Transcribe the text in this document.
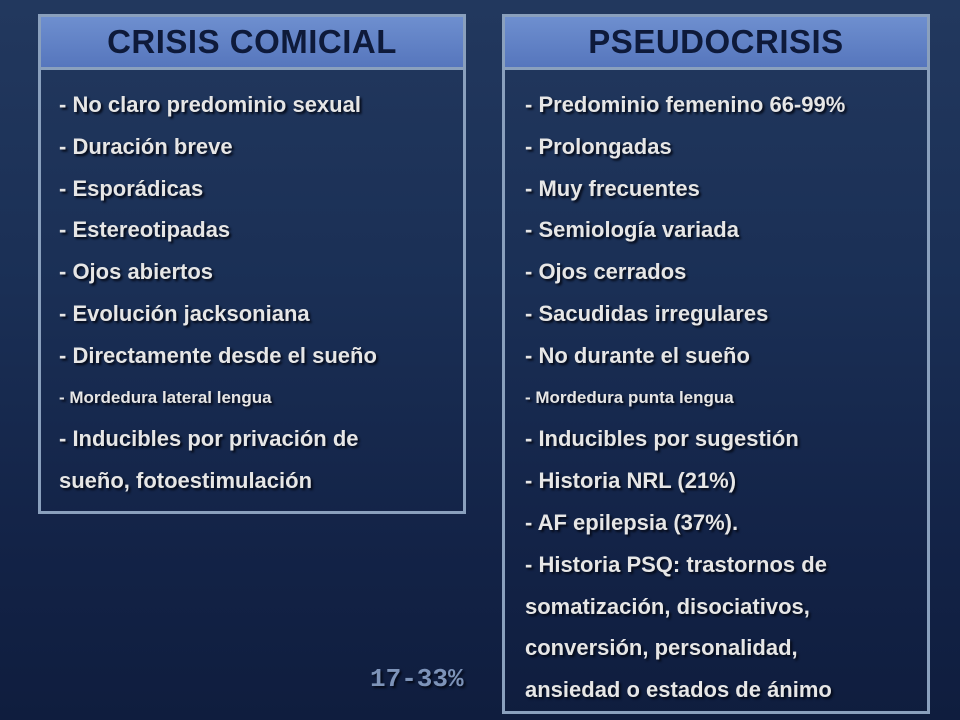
CRISIS COMICIAL
- No claro predominio sexual
- Duración breve
- Esporádicas
- Estereotipadas
- Ojos abiertos
- Evolución jacksoniana
- Directamente desde el sueño
- Mordedura lateral lengua
- Inducibles por privación de
sueño, fotoestimulación
PSEUDOCRISIS
- Predominio femenino 66-99%
- Prolongadas
- Muy frecuentes
- Semiología variada
- Ojos cerrados
- Sacudidas irregulares
- No durante el sueño
- Mordedura punta lengua
- Inducibles por sugestión
- Historia NRL (21%)
- AF epilepsia (37%).
- Historia PSQ: trastornos de
somatización, disociativos,
conversión, personalidad,
ansiedad o estados de ánimo
17-33%
